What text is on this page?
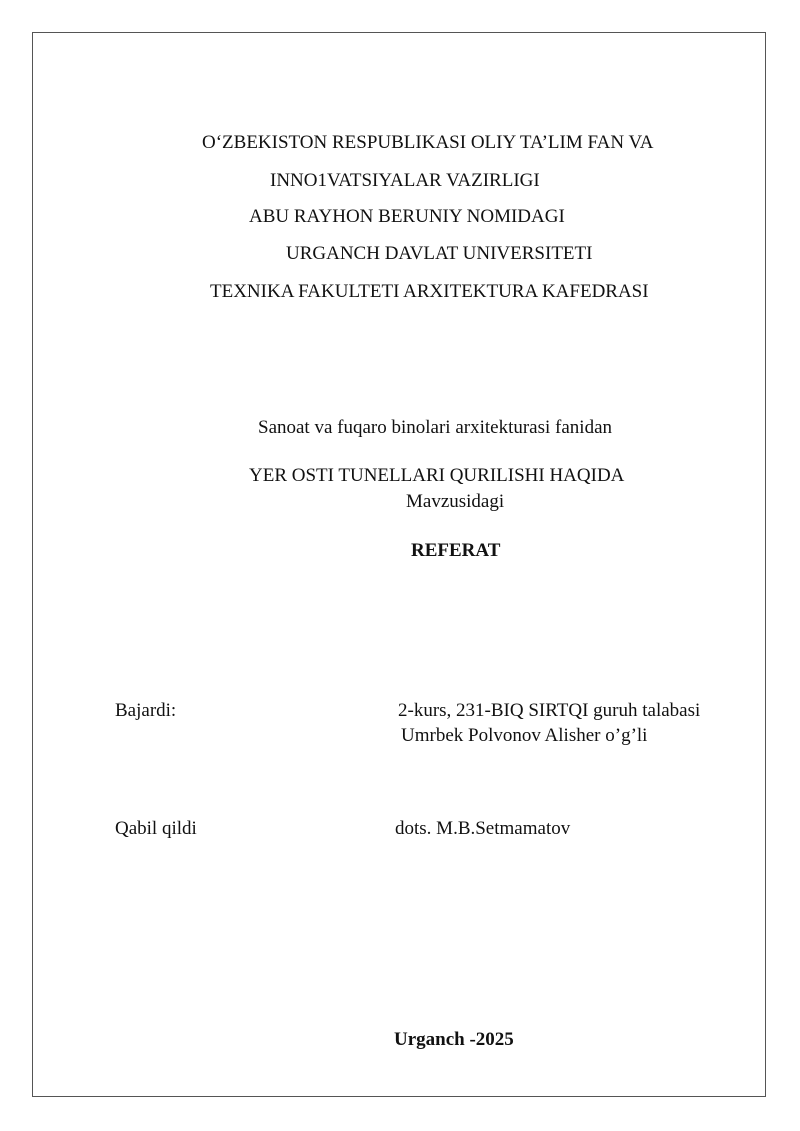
O‘ZBEKISTON RESPUBLIKASI OLIY TA’LIM FAN VA
INNO1VATSIYALAR VAZIRLIGI
ABU RAYHON BERUNIY NOMIDAGI
URGANCH DAVLAT UNIVERSITETI
TEXNIKA FAKULTETI ARXITEKTURA KAFEDRASI
Sanoat va fuqaro binolari arxitekturasi fanidan
YER OSTI TUNELLARI QURILISHI HAQIDA
Mavzusidagi
REFERAT
Bajardi:	2-kurs, 231-BIQ SIRTQI guruh talabasi
Umrbek Polvonov Alisher o’g’li
Qabil qildi	dots. M.B.Setmamatov
Urganch -2025
